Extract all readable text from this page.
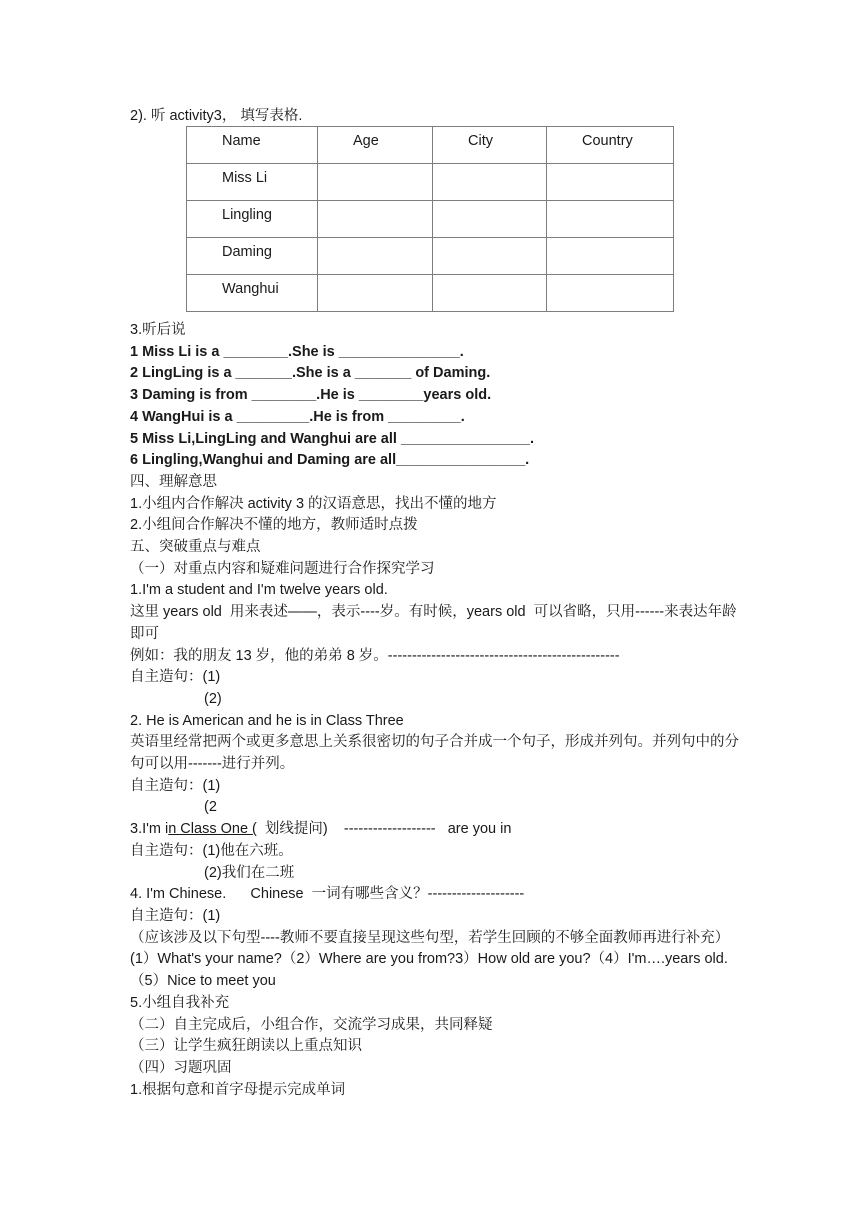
2). 听 activity3， 填写表格.
Name	Age	City	Country
Miss Li			
Lingling			
Daming			
Wanghui			
3.听后说
1 Miss Li is a ________.She is _______________.
2 LingLing is a _______.She is a _______ of Daming.
3 Daming is from ________.He is ________years old.
4 WangHui is a _________.He is from _________.
5 Miss Li,LingLing and Wanghui are all ________________.
6 Lingling,Wanghui and Daming are all________________.
四、理解意思
1.小组内合作解决 activity 3 的汉语意思，找出不懂的地方
2.小组间合作解决不懂的地方，教师适时点拨
五、突破重点与难点
（一）对重点内容和疑难问题进行合作探究学习
1.I'm a student and I'm twelve years old.
这里 years old  用来表述——，表示----岁。有时候，years old  可以省略，只用------来表达年龄即可
例如：我的朋友 13 岁，他的弟弟 8 岁。------------------------------------------------
自主造句：(1)
(2)
2. He is American and he is in Class Three
英语里经常把两个或更多意思上关系很密切的句子合并成一个句子，形成并列句。并列句中的分句可以用-------进行并列。
自主造句：(1)
(2
3.I'm in Class One (  划线提问)    -------------------   are you in
自主造句：(1)他在六班。
(2)我们在二班
4. I'm Chinese.      Chinese  一词有哪些含义？--------------------
自主造句：(1)
（应该涉及以下句型----教师不要直接呈现这些句型，若学生回顾的不够全面教师再进行补充）(1）What's your name?（2）Where are you from?3）How old are you?（4）I'm….years old.（5）Nice to meet you
5.小组自我补充
（二）自主完成后，小组合作，交流学习成果，共同释疑
（三）让学生疯狂朗读以上重点知识
（四）习题巩固
1.根据句意和首字母提示完成单词
